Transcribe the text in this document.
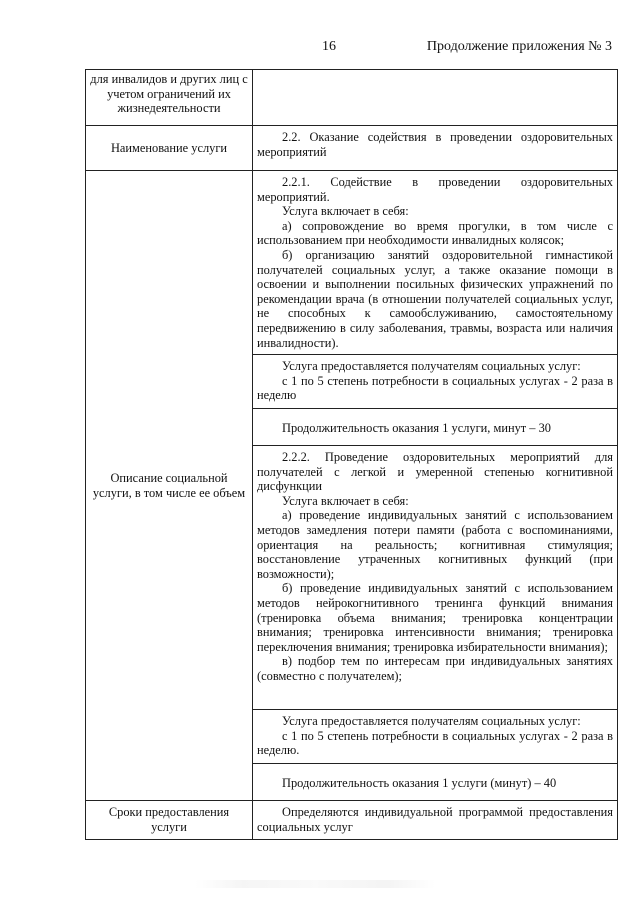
16	Продолжение приложения № 3
для инвалидов и других лиц с учетом ограничений их жизнедеятельности	
Наименование услуги	2.2. Оказание содействия в проведении оздоровительных мероприятий

Описание социальной услуги, в том числе ее объем	2.2.1. Содействие в проведении оздоровительных мероприятий.

Услуга включает в себя:

а) сопровождение во время прогулки, в том числе с использованием при необходимости инвалидных колясок;

б) организацию занятий оздоровительной гимнастикой получателей социальных услуг, а также оказание помощи в освоении и выполнении посильных физических упражнений по рекомендации врача (в отношении получателей социальных услуг, не способных к самообслуживанию, самостоятельному передвижению в силу заболевания, травмы, возраста или наличия инвалидности).

	Услуга предоставляется получателям социальных услуг:

с 1 по 5 степень потребности в социальных услугах - 2 раза в неделю

	Продолжительность оказания 1 услуги, минут – 30

	2.2.2. Проведение оздоровительных мероприятий для получателей с легкой и умеренной степенью когнитивной дисфункции

Услуга включает в себя:

а) проведение индивидуальных занятий с использованием методов замедления потери памяти (работа с воспоминаниями, ориентация на реальность; когнитивная стимуляция; восстановление утраченных когнитивных функций (при возможности);

б) проведение индивидуальных занятий с использованием методов нейрокогнитивного тренинга функций внимания (тренировка объема внимания; тренировка концентрации внимания; тренировка интенсивности внимания; тренировка переключения внимания; тренировка избирательности внимания);

в) подбор тем по интересам при индивидуальных занятиях (совместно с получателем);

	Услуга предоставляется получателям социальных услуг:

с 1 по 5 степень потребности в социальных услугах - 2 раза в неделю.

	Продолжительность оказания 1 услуги (минут) – 40

Сроки предоставления услуги	Определяются индивидуальной программой предоставления социальных услуг
